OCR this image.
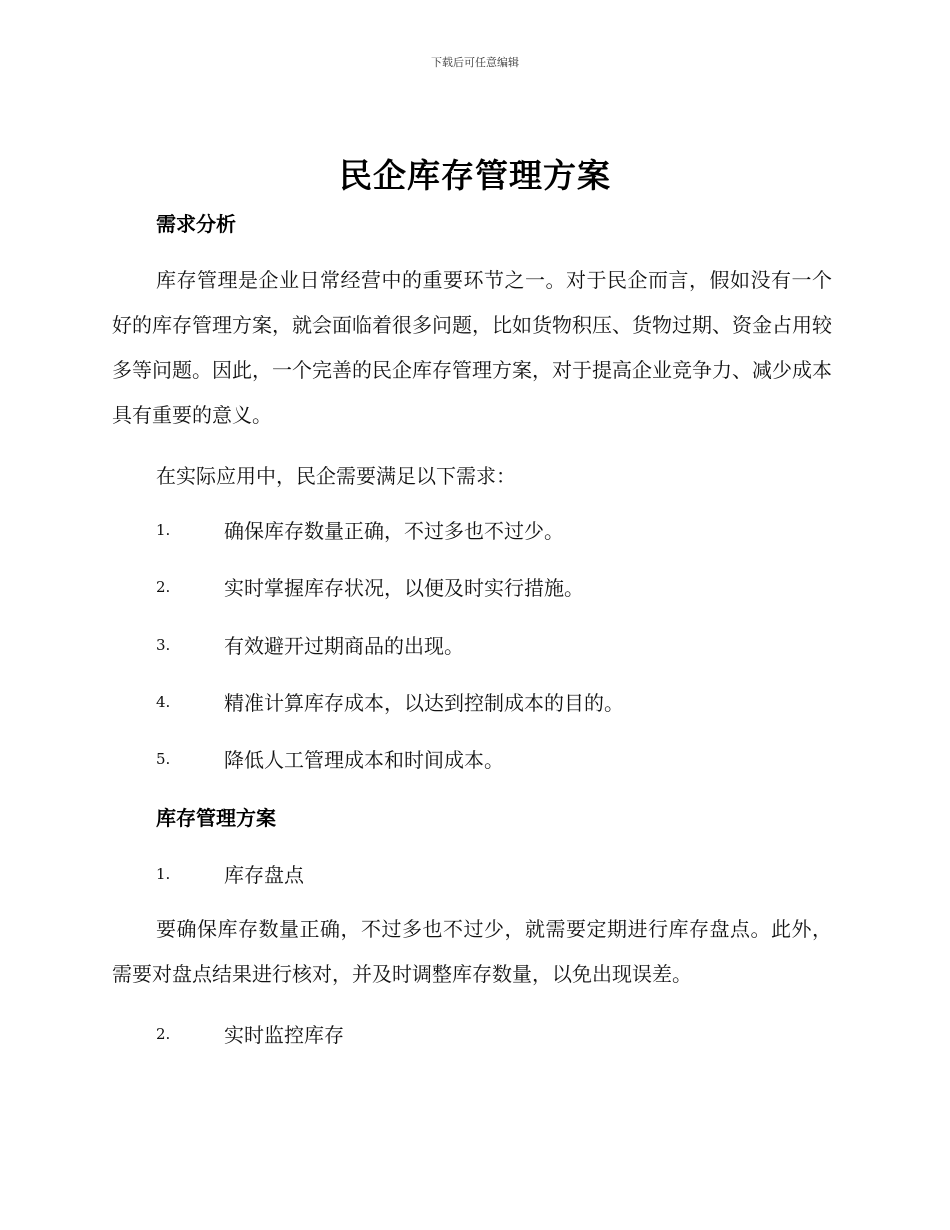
下载后可任意编辑
民企库存管理方案
需求分析

库存管理是企业日常经营中的重要环节之一。对于民企而言，假如没有一个好的库存管理方案，就会面临着很多问题，比如货物积压、货物过期、资金占用较多等问题。因此，一个完善的民企库存管理方案，对于提高企业竞争力、减少成本具有重要的意义。

在实际应用中，民企需要满足以下需求：

1.	确保库存数量正确，不过多也不过少。
2.	实时掌握库存状况，以便及时实行措施。
3.	有效避开过期商品的出现。
4.	精准计算库存成本，以达到控制成本的目的。
5.	降低人工管理成本和时间成本。
库存管理方案
1.	库存盘点

要确保库存数量正确，不过多也不过少，就需要定期进行库存盘点。此外，需要对盘点结果进行核对，并及时调整库存数量，以免出现误差。

2.	实时监控库存
